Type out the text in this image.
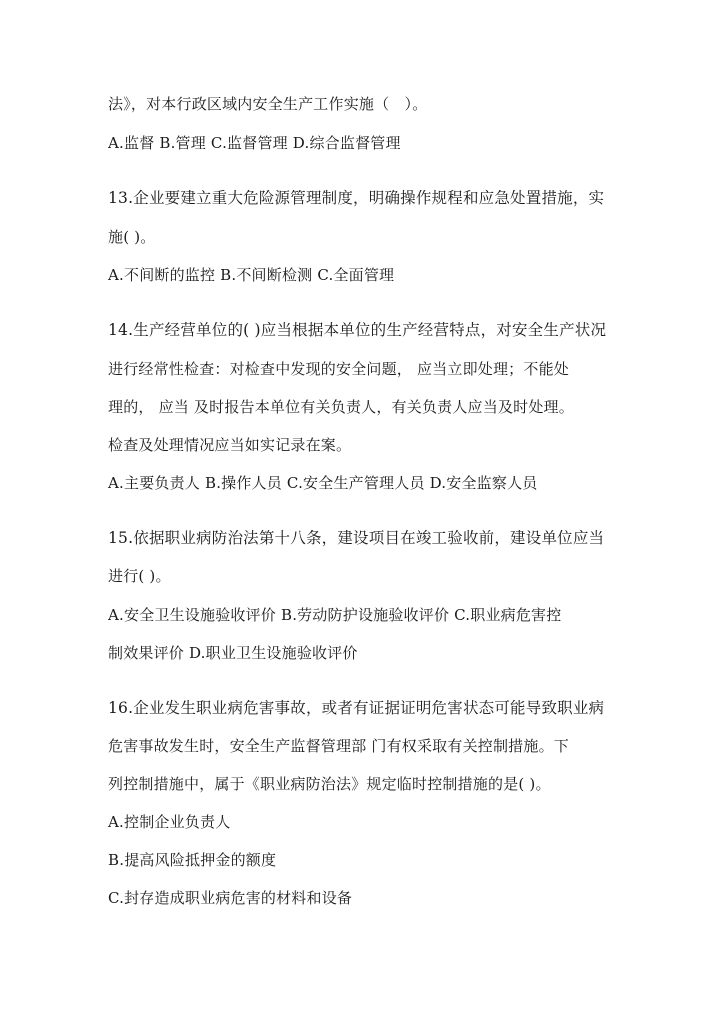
法》，对本行政区域内安全生产工作实施（　）。
A.监督 B.管理 C.监督管理 D.综合监督管理
13.企业要建立重大危险源管理制度，明确操作规程和应急处置措施，实
施( )。
A.不间断的监控 B.不间断检测 C.全面管理
14.生产经营单位的( )应当根据本单位的生产经营特点，对安全生产状况
进行经常性检查：对检查中发现的安全问题， 应当立即处理；不能处
理的， 应当 及时报告本单位有关负责人，有关负责人应当及时处理。
检查及处理情况应当如实记录在案。
A.主要负责人 B.操作人员 C.安全生产管理人员 D.安全监察人员
15.依据职业病防治法第十八条，建设项目在竣工验收前，建设单位应当
进行( )。
A.安全卫生设施验收评价 B.劳动防护设施验收评价 C.职业病危害控
制效果评价 D.职业卫生设施验收评价
16.企业发生职业病危害事故，或者有证据证明危害状态可能导致职业病
危害事故发生时，安全生产监督管理部 门有权采取有关控制措施。下
列控制措施中，属于《职业病防治法》规定临时控制措施的是( )。
A.控制企业负责人
B.提高风险抵押金的额度
C.封存造成职业病危害的材料和设备
